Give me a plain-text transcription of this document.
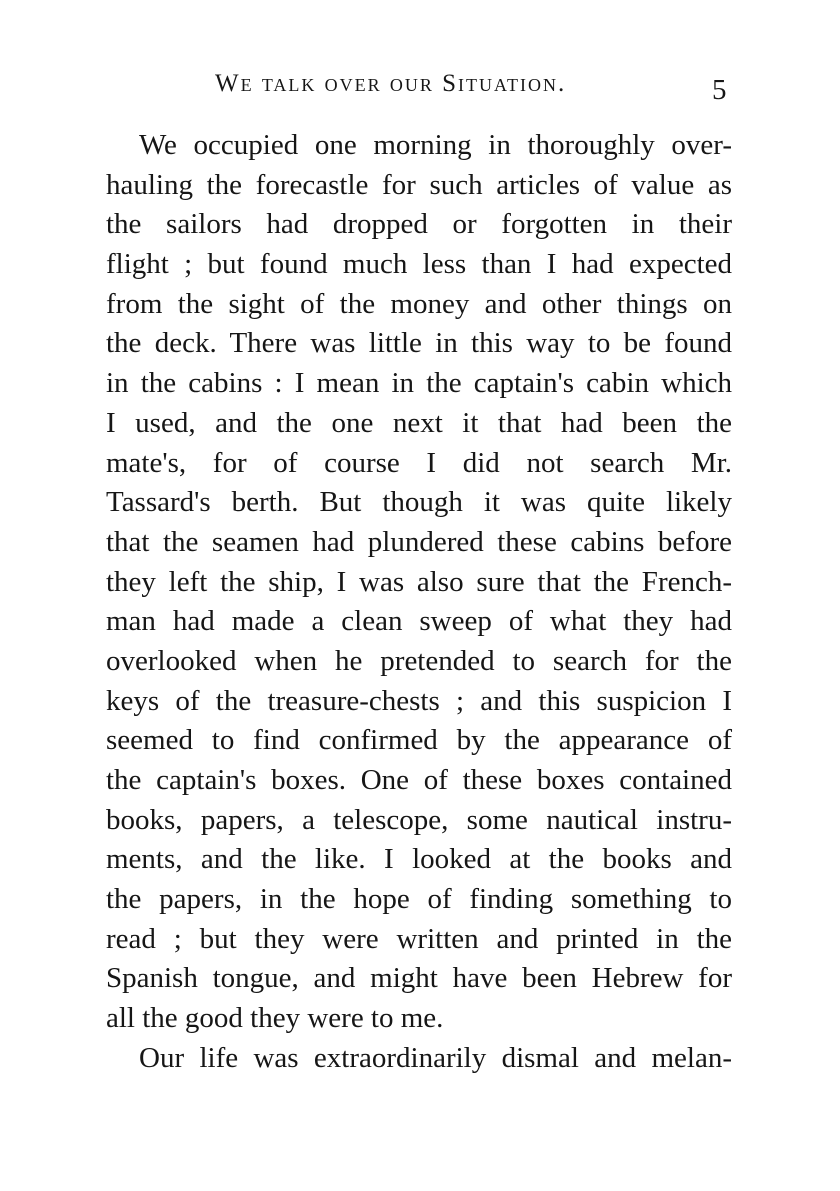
We talk over our Situation.	5
We occupied one morning in thoroughly over-
hauling the forecastle for such articles of value as
the sailors had dropped or forgotten in their
flight ; but found much less than I had expected
from the sight of the money and other things on
the deck. There was little in this way to be found
in the cabins : I mean in the captain's cabin which
I used, and the one next it that had been the
mate's, for of course I did not search Mr.
Tassard's berth. But though it was quite likely
that the seamen had plundered these cabins before
they left the ship, I was also sure that the French-
man had made a clean sweep of what they had
overlooked when he pretended to search for the
keys of the treasure-chests ; and this suspicion I
seemed to find confirmed by the appearance of
the captain's boxes. One of these boxes contained
books, papers, a telescope, some nautical instru-
ments, and the like. I looked at the books and
the papers, in the hope of finding something to
read ; but they were written and printed in the
Spanish tongue, and might have been Hebrew for
all the good they were to me.
Our life was extraordinarily dismal and melan-
